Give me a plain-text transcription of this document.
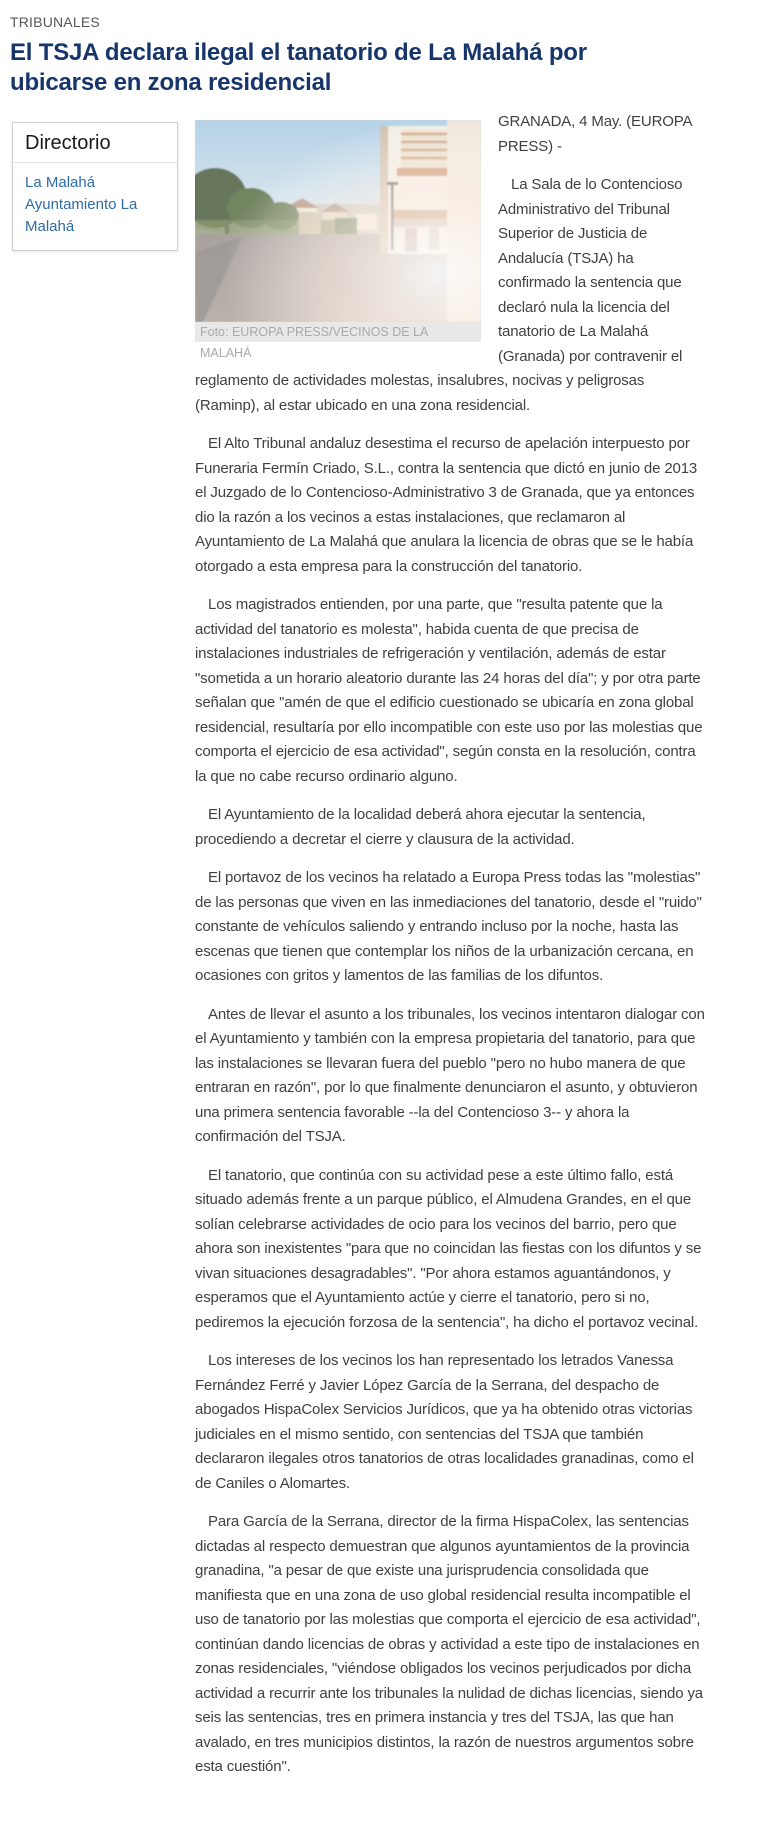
TRIBUNALES
El TSJA declara ilegal el tanatorio de La Malahá por ubicarse en zona residencial
Directorio
La Malahá
Ayuntamiento La Malahá
Foto: EUROPA PRESS/VECINOS DE LA
MALAHÁ

GRANADA, 4 May. (EUROPA PRESS) -

La Sala de lo Contencioso Administrativo del Tribunal Superior de Justicia de Andalucía (TSJA) ha confirmado la sentencia que declaró nula la licencia del tanatorio de La Malahá (Granada) por contravenir el reglamento de actividades molestas, insalubres, nocivas y peligrosas (Raminp), al estar ubicado en una zona residencial.

El Alto Tribunal andaluz desestima el recurso de apelación interpuesto por Funeraria Fermín Criado, S.L., contra la sentencia que dictó en junio de 2013 el Juzgado de lo Contencioso-Administrativo 3 de Granada, que ya entonces dio la razón a los vecinos a estas instalaciones, que reclamaron al Ayuntamiento de La Malahá que anulara la licencia de obras que se le había otorgado a esta empresa para la construcción del tanatorio.

Los magistrados entienden, por una parte, que "resulta patente que la actividad del tanatorio es molesta", habida cuenta de que precisa de instalaciones industriales de refrigeración y ventilación, además de estar "sometida a un horario aleatorio durante las 24 horas del día"; y por otra parte señalan que "amén de que el edificio cuestionado se ubicaría en zona global residencial, resultaría por ello incompatible con este uso por las molestias que comporta el ejercicio de esa actividad", según consta en la resolución, contra la que no cabe recurso ordinario alguno.

El Ayuntamiento de la localidad deberá ahora ejecutar la sentencia, procediendo a decretar el cierre y clausura de la actividad.

El portavoz de los vecinos ha relatado a Europa Press todas las "molestias" de las personas que viven en las inmediaciones del tanatorio, desde el "ruido" constante de vehículos saliendo y entrando incluso por la noche, hasta las escenas que tienen que contemplar los niños de la urbanización cercana, en ocasiones con gritos y lamentos de las familias de los difuntos.

Antes de llevar el asunto a los tribunales, los vecinos intentaron dialogar con el Ayuntamiento y también con la empresa propietaria del tanatorio, para que las instalaciones se llevaran fuera del pueblo "pero no hubo manera de que entraran en razón", por lo que finalmente denunciaron el asunto, y obtuvieron una primera sentencia favorable --la del Contencioso 3-- y ahora la confirmación del TSJA.

El tanatorio, que continúa con su actividad pese a este último fallo, está situado además frente a un parque público, el Almudena Grandes, en el que solían celebrarse actividades de ocio para los vecinos del barrio, pero que ahora son inexistentes "para que no coincidan las fiestas con los difuntos y se vivan situaciones desagradables". "Por ahora estamos aguantándonos, y esperamos que el Ayuntamiento actúe y cierre el tanatorio, pero si no, pediremos la ejecución forzosa de la sentencia", ha dicho el portavoz vecinal.

Los intereses de los vecinos los han representado los letrados Vanessa Fernández Ferré y Javier López García de la Serrana, del despacho de abogados HispaColex Servicios Jurídicos, que ya ha obtenido otras victorias judiciales en el mismo sentido, con sentencias del TSJA que también declararon ilegales otros tanatorios de otras localidades granadinas, como el de Caniles o Alomartes.

Para García de la Serrana, director de la firma HispaColex, las sentencias dictadas al respecto demuestran que algunos ayuntamientos de la provincia granadina, "a pesar de que existe una jurisprudencia consolidada que manifiesta que en una zona de uso global residencial resulta incompatible el uso de tanatorio por las molestias que comporta el ejercicio de esa actividad", continúan dando licencias de obras y actividad a este tipo de instalaciones en zonas residenciales, "viéndose obligados los vecinos perjudicados por dicha actividad a recurrir ante los tribunales la nulidad de dichas licencias, siendo ya seis las sentencias, tres en primera instancia y tres del TSJA, las que han avalado, en tres municipios distintos, la razón de nuestros argumentos sobre esta cuestión".
